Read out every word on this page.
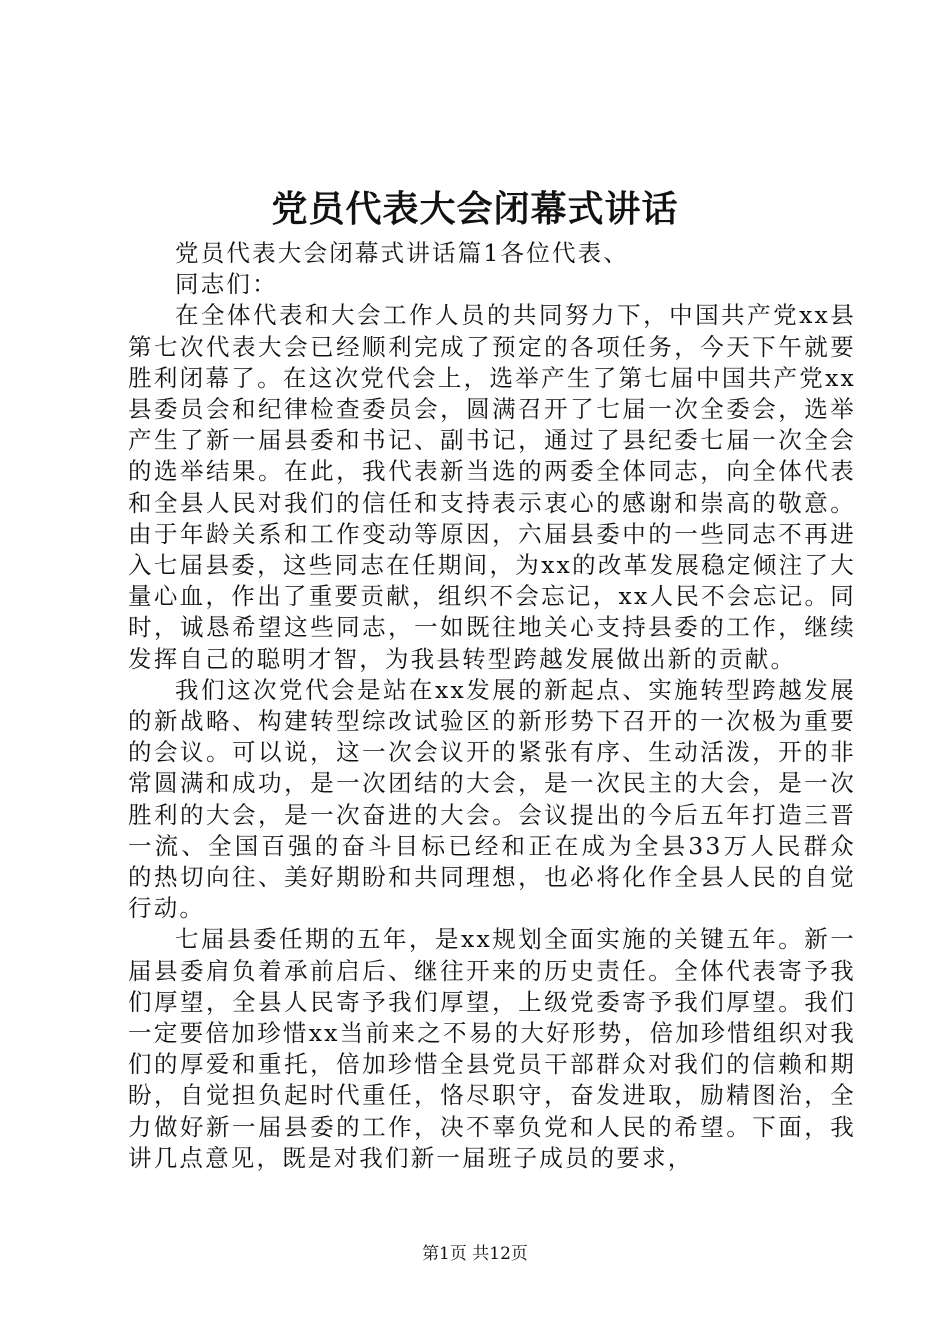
党员代表大会闭幕式讲话

党员代表大会闭幕式讲话篇1各位代表、

同志们：

在全体代表和大会工作人员的共同努力下，中国共产党xx县第七次代表大会已经顺利完成了预定的各项任务，今天下午就要胜利闭幕了。在这次党代会上，选举产生了第七届中国共产党xx县委员会和纪律检查委员会，圆满召开了七届一次全委会，选举产生了新一届县委和书记、副书记，通过了县纪委七届一次全会的选举结果。在此，我代表新当选的两委全体同志，向全体代表和全县人民对我们的信任和支持表示衷心的感谢和崇高的敬意。由于年龄关系和工作变动等原因，六届县委中的一些同志不再进入七届县委，这些同志在任期间，为xx的改革发展稳定倾注了大量心血，作出了重要贡献，组织不会忘记，xx人民不会忘记。同时，诚恳希望这些同志，一如既往地关心支持县委的工作，继续发挥自己的聪明才智，为我县转型跨越发展做出新的贡献。

我们这次党代会是站在xx发展的新起点、实施转型跨越发展的新战略、构建转型综改试验区的新形势下召开的一次极为重要的会议。可以说，这一次会议开的紧张有序、生动活泼，开的非常圆满和成功，是一次团结的大会，是一次民主的大会，是一次胜利的大会，是一次奋进的大会。会议提出的今后五年打造三晋一流、全国百强的奋斗目标已经和正在成为全县33万人民群众的热切向往、美好期盼和共同理想，也必将化作全县人民的自觉行动。

七届县委任期的五年，是xx规划全面实施的关键五年。新一届县委肩负着承前启后、继往开来的历史责任。全体代表寄予我们厚望，全县人民寄予我们厚望，上级党委寄予我们厚望。我们一定要倍加珍惜xx当前来之不易的大好形势，倍加珍惜组织对我们的厚爱和重托，倍加珍惜全县党员干部群众对我们的信赖和期盼，自觉担负起时代重任，恪尽职守，奋发进取，励精图治，全力做好新一届县委的工作，决不辜负党和人民的希望。下面，我讲几点意见，既是对我们新一届班子成员的要求，

第1页 共12页
